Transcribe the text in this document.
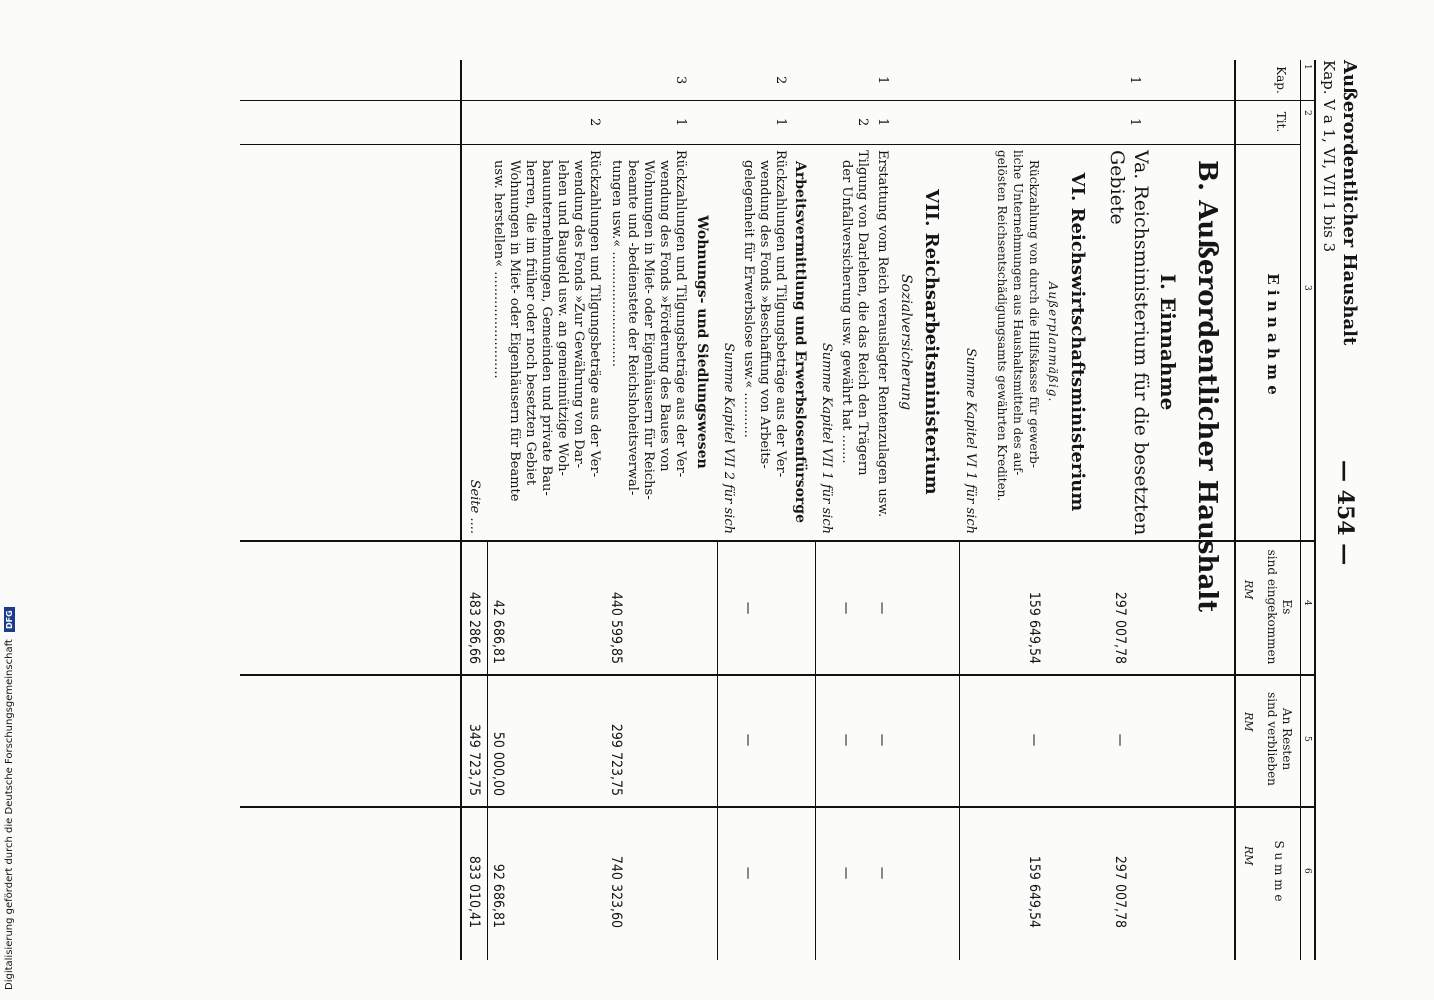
Außerordentlicher Haushalt
Kap. V a 1, VI, VII 1 bis 3
— 454 —
1
2
3
4
5
6
Kap.
Tit.
E i n n a h m e
Es
sind eingekommen
An Resten
sind verblieben
S u m m e
RM
RM
RM
B. Außerordentlicher Haushalt
I. Einnahme
1
1
Va. Reichsministerium für die besetzten
Gebiete
297 007,78
—
297 007,78
VI. Reichswirtschaftsministerium
Außerplanmäßig.
Rückzahlung von durch die Hilfskasse für gewerb-
liche Unternehmungen aus Haushaltsmitteln des auf-
gelösten Reichsentschädigungsamts gewährten Krediten.
159 649,54
—
159 649,54
Summe Kapitel VI 1 für sich
VII. Reichsarbeitsministerium
Sozialversicherung
1
1
Erstattung vom Reich verauslagter Rentenzulagen usw.
—
—
—
2
Tilgung von Darlehen, die das Reich den Trägern
der Unfallversicherung usw. gewährt hat .......
—
—
—
Summe Kapitel VII 1 für sich
Arbeitsvermittlung und Erwerbslosenfürsorge
2
1
Rückzahlungen und Tilgungsbeträge aus der Ver-
wendung des Fonds »Beschaffung von Arbeits-
gelegenheit für Erwerbslose usw.« ...........
—
—
—
Summe Kapitel VII 2 für sich
Wohnungs- und Siedlungswesen
3
1
Rückzahlungen und Tilgungsbeträge aus der Ver-
wendung des Fonds »Förderung des Baues von
Wohnungen in Miet- oder Eigenhäusern für Reichs-
beamte und -bedienstete der Reichshoheitsverwal-
tungen usw.« ............................
440 599,85
299 723,75
740 323,60
2
Rückzahlungen und Tilgungsbeträge aus der Ver-
wendung des Fonds »Zur Gewährung von Dar-
lehen und Baugeld usw. an gemeinnützige Woh-
bauunternehmungen, Gemeinden und private Bau-
herren, die im früher oder noch besetzten Gebiet
Wohnungen in Miet- oder Eigenhäusern für Beamte
usw. herstellen« ..........................
42 686,81
50 000,00
92 686,81
Seite ....
483 286,66
349 723,75
833 010,41
Digitalisierung gefördert durch die Deutsche Forschungsgemeinschaft DFG
